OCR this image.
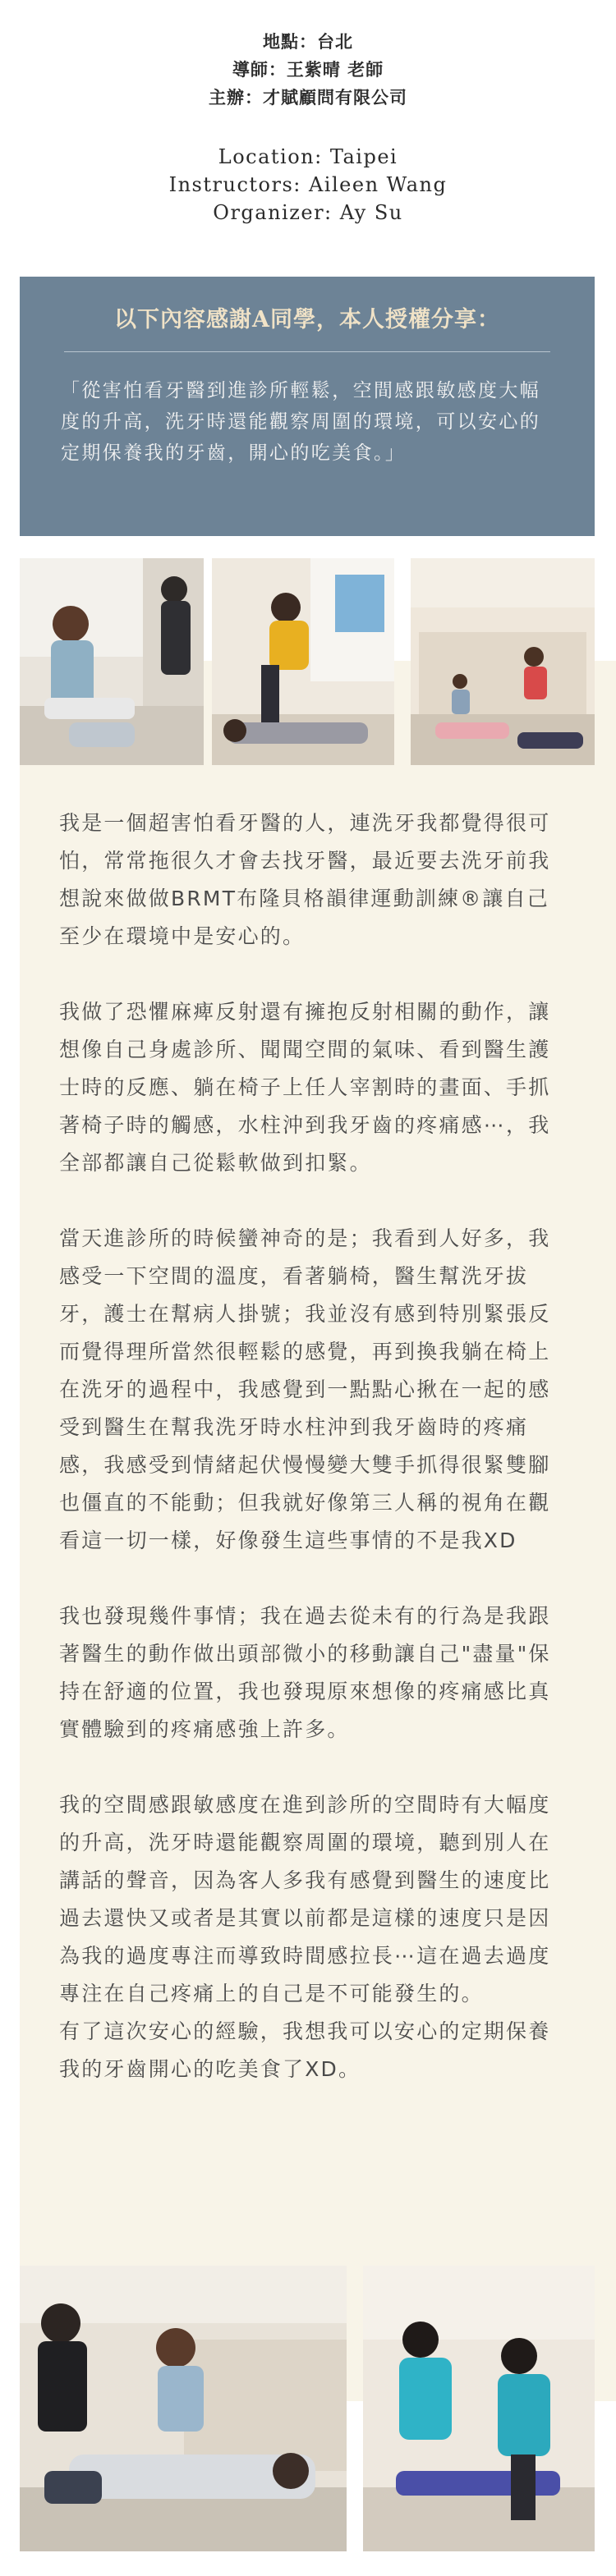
地點：台北
導師：王紫晴 老師
主辦：才賦顧問有限公司
Location: Taipei
Instructors: Aileen Wang
Organizer: Ay Su
以下內容感謝A同學，本人授權分享：
「從害怕看牙醫到進診所輕鬆，空間感跟敏感度大幅度的升高，洗牙時還能觀察周圍的環境，可以安心的定期保養我的牙齒，開心的吃美食。」

我是一個超害怕看牙醫的人，連洗牙我都覺得很可怕，常常拖很久才會去找牙醫，最近要去洗牙前我想說來做做BRMT布隆貝格韻律運動訓練®讓自己至少在環境中是安心的。

我做了恐懼麻痺反射還有擁抱反射相關的動作，讓想像自己身處診所、聞聞空間的氣味、看到醫生護士時的反應、躺在椅子上任人宰割時的畫面、手抓著椅子時的觸感，水柱沖到我牙齒的疼痛感⋯，我全部都讓自己從鬆軟做到扣緊。

當天進診所的時候蠻神奇的是；我看到人好多，我感受一下空間的溫度，看著躺椅，醫生幫洗牙拔牙，護士在幫病人掛號；我並沒有感到特別緊張反而覺得理所當然很輕鬆的感覺，再到換我躺在椅上在洗牙的過程中，我感覺到一點點心揪在一起的感受到醫生在幫我洗牙時水柱沖到我牙齒時的疼痛感，我感受到情緒起伏慢慢變大雙手抓得很緊雙腳也僵直的不能動；但我就好像第三人稱的視角在觀看這一切一樣，好像發生這些事情的不是我XD

我也發現幾件事情；我在過去從未有的行為是我跟著醫生的動作做出頭部微小的移動讓自己"盡量"保持在舒適的位置，我也發現原來想像的疼痛感比真實體驗到的疼痛感強上許多。

我的空間感跟敏感度在進到診所的空間時有大幅度的升高，洗牙時還能觀察周圍的環境，聽到別人在講話的聲音，因為客人多我有感覺到醫生的速度比過去還快又或者是其實以前都是這樣的速度只是因為我的過度專注而導致時間感拉長⋯這在過去過度專注在自己疼痛上的自己是不可能發生的。

有了這次安心的經驗，我想我可以安心的定期保養我的牙齒開心的吃美食了XD。
